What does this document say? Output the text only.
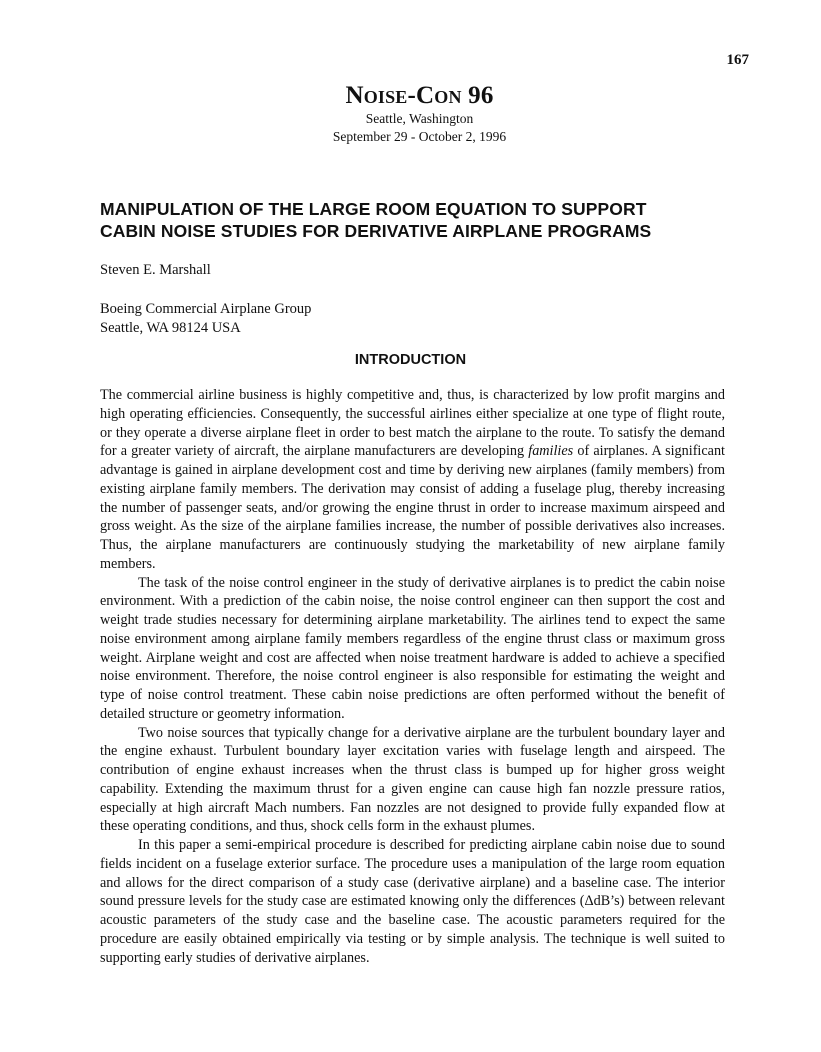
167
Noise-Con 96
Seattle, Washington
September 29 - October 2, 1996
MANIPULATION OF THE LARGE ROOM EQUATION TO SUPPORT
CABIN NOISE STUDIES FOR DERIVATIVE AIRPLANE PROGRAMS
Steven E. Marshall
Boeing Commercial Airplane Group
Seattle, WA 98124 USA
INTRODUCTION

The commercial airline business is highly competitive and, thus, is characterized by low profit margins and high operating efficiencies. Consequently, the successful airlines either specialize at one type of flight route, or they operate a diverse airplane fleet in order to best match the airplane to the route. To satisfy the demand for a greater variety of aircraft, the airplane manufacturers are developing families of airplanes. A significant advantage is gained in airplane development cost and time by deriving new airplanes (family members) from existing airplane family members. The derivation may consist of adding a fuselage plug, thereby increasing the number of passenger seats, and/or growing the engine thrust in order to increase maximum airspeed and gross weight. As the size of the airplane families increase, the number of possible derivatives also increases. Thus, the airplane manufacturers are continuously studying the marketability of new airplane family members.

The task of the noise control engineer in the study of derivative airplanes is to predict the cabin noise environment. With a prediction of the cabin noise, the noise control engineer can then support the cost and weight trade studies necessary for determining airplane marketability. The airlines tend to expect the same noise environment among airplane family members regardless of the engine thrust class or maximum gross weight. Airplane weight and cost are affected when noise treatment hardware is added to achieve a specified noise environment. Therefore, the noise control engineer is also responsible for estimating the weight and type of noise control treatment. These cabin noise predictions are often performed without the benefit of detailed structure or geometry information.

Two noise sources that typically change for a derivative airplane are the turbulent boundary layer and the engine exhaust. Turbulent boundary layer excitation varies with fuselage length and airspeed. The contribution of engine exhaust increases when the thrust class is bumped up for higher gross weight capability. Extending the maximum thrust for a given engine can cause high fan nozzle pressure ratios, especially at high aircraft Mach numbers. Fan nozzles are not designed to provide fully expanded flow at these operating conditions, and thus, shock cells form in the exhaust plumes.

In this paper a semi-empirical procedure is described for predicting airplane cabin noise due to sound fields incident on a fuselage exterior surface. The procedure uses a manipulation of the large room equation and allows for the direct comparison of a study case (derivative airplane) and a baseline case. The interior sound pressure levels for the study case are estimated knowing only the differences (ΔdB’s) between relevant acoustic parameters of the study case and the baseline case. The acoustic parameters required for the procedure are easily obtained empirically via testing or by simple analysis. The technique is well suited to supporting early studies of derivative airplanes.
